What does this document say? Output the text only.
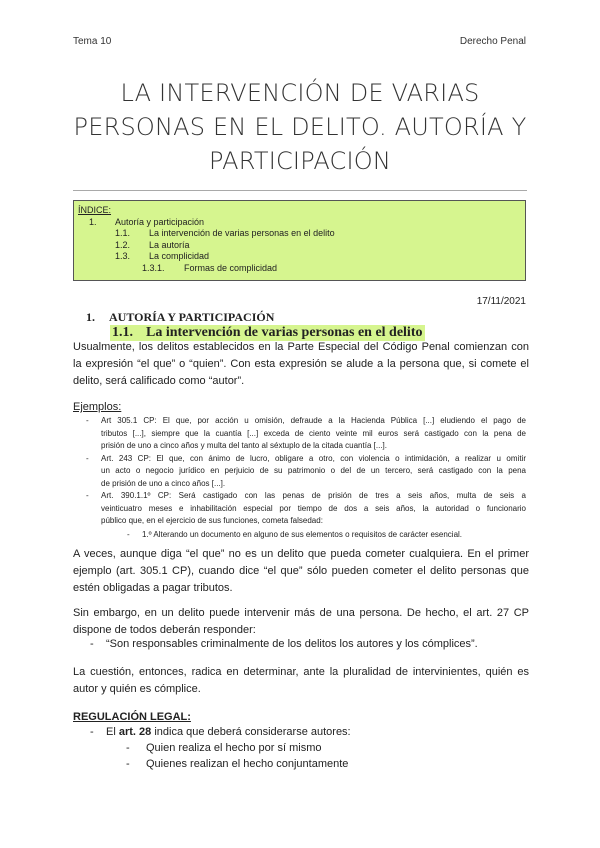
Tema 10	Derecho Penal
LA INTERVENCIÓN DE VARIAS
PERSONAS EN EL DELITO. AUTORÍA Y
PARTICIPACIÓN
ÍNDICE:
1. Autoría y participación
1.1. La intervención de varias personas en el delito
1.2. La autoría
1.3. La complicidad
1.3.1. Formas de complicidad
17/11/2021
1. AUTORÍA Y PARTICIPACIÓN
1.1. La intervención de varias personas en el delito
Usualmente, los delitos establecidos en la Parte Especial del Código Penal comienzan con
la expresión “el que” o “quien”. Con esta expresión se alude a la persona que, si comete el
delito, será calificado como “autor”.
Ejemplos:
- Art 305.1 CP: El que, por acción u omisión, defraude a la Hacienda Pública [...] eludiendo el pago de
tributos [...], siempre que la cuantía [...] exceda de ciento veinte mil euros será castigado con la pena de
prisión de uno a cinco años y multa del tanto al séxtuplo de la citada cuantía [...].
- Art. 243 CP: El que, con ánimo de lucro, obligare a otro, con violencia o intimidación, a realizar u omitir
un acto o negocio jurídico en perjuicio de su patrimonio o del de un tercero, será castigado con la pena
de prisión de uno a cinco años [...].
- Art. 390.1.1º CP: Será castigado con las penas de prisión de tres a seis años, multa de seis a
veinticuatro meses e inhabilitación especial por tiempo de dos a seis años, la autoridad o funcionario
público que, en el ejercicio de sus funciones, cometa falsedad:
- 1.º Alterando un documento en alguno de sus elementos o requisitos de carácter esencial.
A veces, aunque diga “el que” no es un delito que pueda cometer cualquiera. En el primer
ejemplo (art. 305.1 CP), cuando dice “el que” sólo pueden cometer el delito personas que
estén obligadas a pagar tributos.
Sin embargo, en un delito puede intervenir más de una persona. De hecho, el art. 27 CP
dispone de todos deberán responder:
- “Son responsables criminalmente de los delitos los autores y los cómplices”.
La cuestión, entonces, radica en determinar, ante la pluralidad de intervinientes, quién es
autor y quién es cómplice.
REGULACIÓN LEGAL:
- El art. 28 indica que deberá considerarse autores:
- Quien realiza el hecho por sí mismo
- Quienes realizan el hecho conjuntamente
